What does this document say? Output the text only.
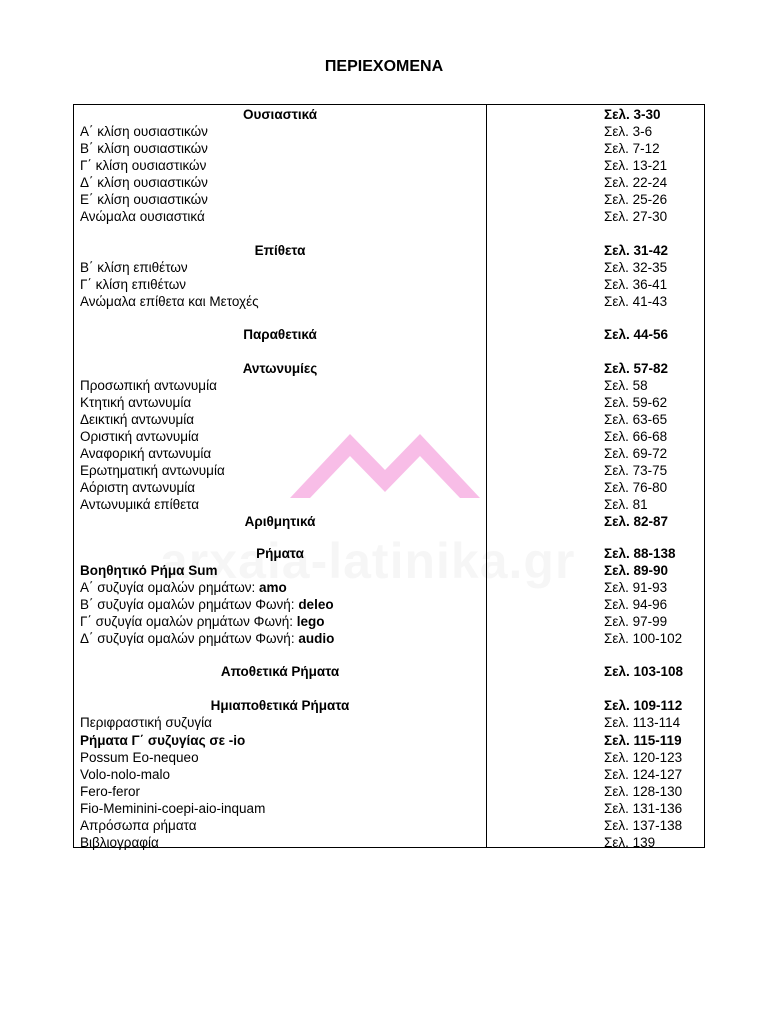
ΠΕΡΙΕΧΟΜΕΝΑ
Ουσιαστικά	Σελ. 3-30
Α΄ κλίση ουσιαστικών	Σελ. 3-6
Β΄ κλίση ουσιαστικών	Σελ. 7-12
Γ΄ κλίση ουσιαστικών	Σελ. 13-21
Δ΄ κλίση ουσιαστικών	Σελ. 22-24
Ε΄ κλίση ουσιαστικών	Σελ. 25-26
Ανώμαλα ουσιαστικά	Σελ. 27-30
Επίθετα	Σελ. 31-42
Β΄ κλίση επιθέτων	Σελ. 32-35
Γ΄ κλίση επιθέτων	Σελ. 36-41
Ανώμαλα επίθετα και Μετοχές	Σελ. 41-43
Παραθετικά	Σελ. 44-56
Αντωνυμίες	Σελ. 57-82
Προσωπική αντωνυμία	Σελ. 58
Κτητική αντωνυμία	Σελ. 59-62
Δεικτική αντωνυμία	Σελ. 63-65
Οριστική αντωνυμία	Σελ. 66-68
Αναφορική αντωνυμία	Σελ. 69-72
Ερωτηματική αντωνυμία	Σελ. 73-75
Αόριστη αντωνυμία	Σελ. 76-80
Αντωνυμικά επίθετα	Σελ. 81
Αριθμητικά	Σελ. 82-87
Ρήματα	Σελ. 88-138
Βοηθητικό Ρήμα Sum	Σελ. 89-90
Α΄ συζυγία ομαλών ρημάτων: amo	Σελ. 91-93
Β΄ συζυγία ομαλών ρημάτων Φωνή: deleo	Σελ. 94-96
Γ΄ συζυγία ομαλών ρημάτων Φωνή: lego	Σελ. 97-99
Δ΄ συζυγία ομαλών ρημάτων Φωνή: audio	Σελ. 100-102
Αποθετικά Ρήματα	Σελ. 103-108
Ημιαποθετικά Ρήματα	Σελ. 109-112
Περιφραστική συζυγία	Σελ. 113-114
Ρήματα Γ΄ συζυγίας σε -io	Σελ. 115-119
Possum Eo-nequeo	Σελ. 120-123
Volo-nolo-malo	Σελ. 124-127
Fero-feror	Σελ. 128-130
Fio-Meminini-coepi-aio-inquam	Σελ. 131-136
Απρόσωπα ρήματα	Σελ. 137-138
Βιβλιογραφία	Σελ. 139
